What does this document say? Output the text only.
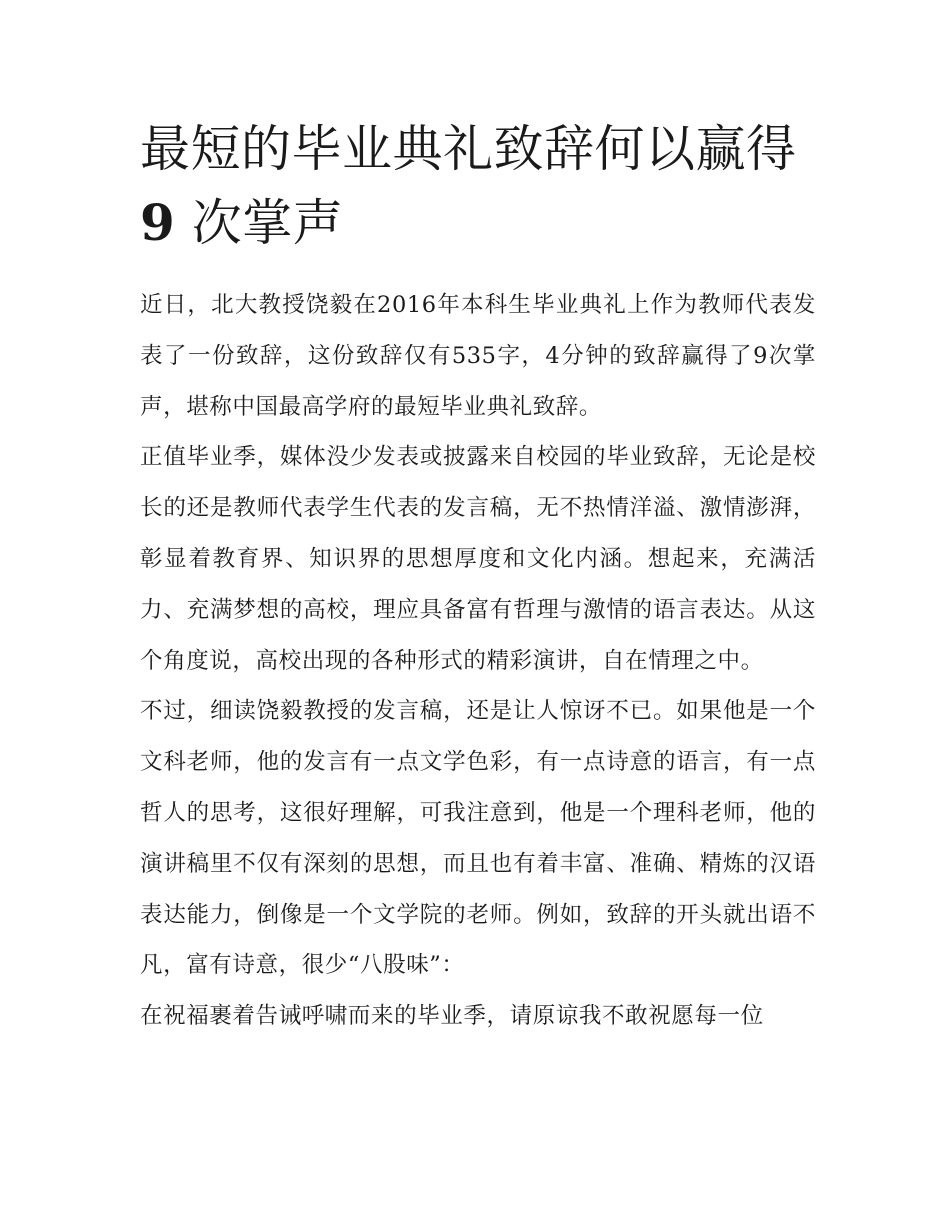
最短的毕业典礼致辞何以赢得
9 次掌声

近日，北大教授饶毅在2016年本科生毕业典礼上作为教师代表发表了一份致辞，这份致辞仅有535字，4分钟的致辞赢得了9次掌声，堪称中国最高学府的最短毕业典礼致辞。

正值毕业季，媒体没少发表或披露来自校园的毕业致辞，无论是校长的还是教师代表学生代表的发言稿，无不热情洋溢、激情澎湃，彰显着教育界、知识界的思想厚度和文化内涵。想起来，充满活力、充满梦想的高校，理应具备富有哲理与激情的语言表达。从这个角度说，高校出现的各种形式的精彩演讲，自在情理之中。

不过，细读饶毅教授的发言稿，还是让人惊讶不已。如果他是一个文科老师，他的发言有一点文学色彩，有一点诗意的语言，有一点哲人的思考，这很好理解，可我注意到，他是一个理科老师，他的演讲稿里不仅有深刻的思想，而且也有着丰富、准确、精炼的汉语表达能力，倒像是一个文学院的老师。例如，致辞的开头就出语不凡，富有诗意，很少“八股味”：

在祝福裹着告诫呼啸而来的毕业季，请原谅我不敢祝愿每一位
